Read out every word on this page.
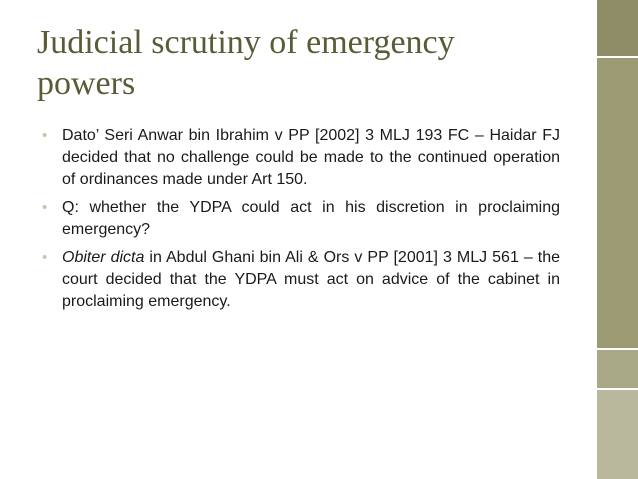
Judicial scrutiny of emergency powers
• Dato’ Seri Anwar bin Ibrahim v PP [2002] 3 MLJ 193 FC – Haidar FJ decided that no challenge could be made to the continued operation of ordinances made under Art 150.
• Q: whether the YDPA could act in his discretion in proclaiming emergency?
• Obiter dicta in Abdul Ghani bin Ali & Ors v PP [2001] 3 MLJ 561 – the court decided that the YDPA must act on advice of the cabinet in proclaiming emergency.
